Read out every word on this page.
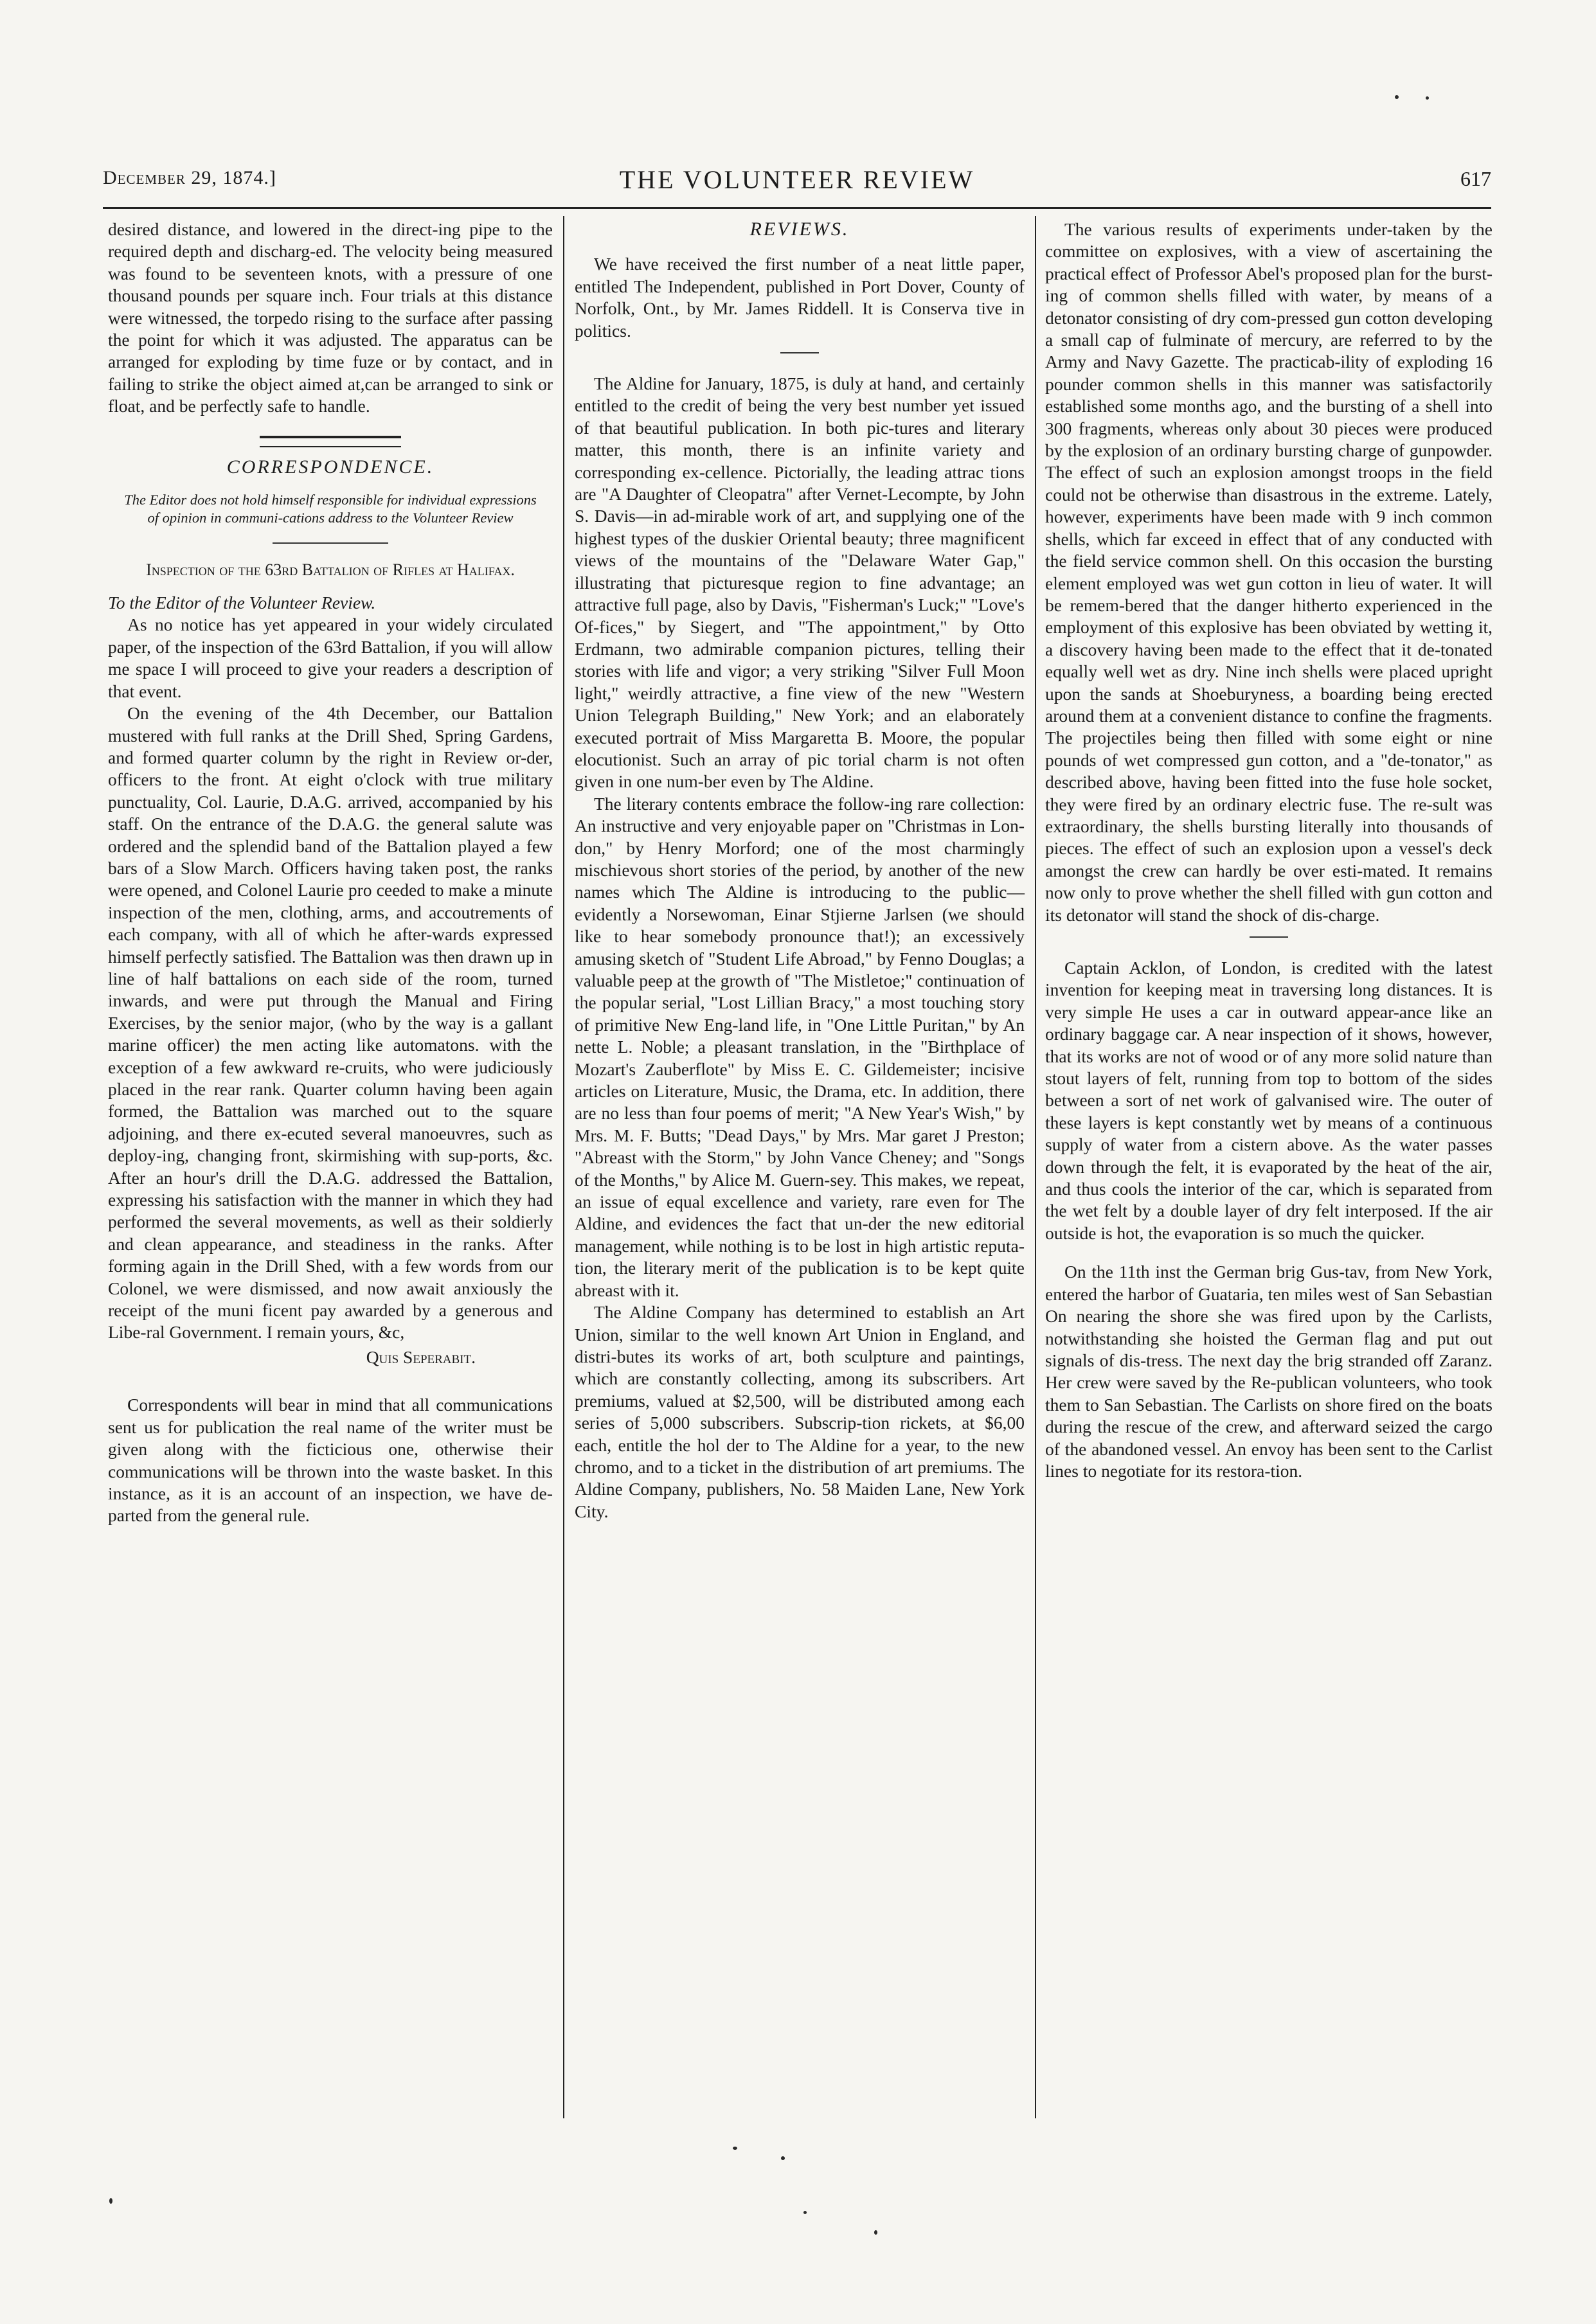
December 29, 1874.]	THE VOLUNTEER REVIEW	617

desired distance, and lowered in the direct-ing pipe to the required depth and discharg-ed. The velocity being measured was found to be seventeen knots, with a pressure of one thousand pounds per square inch. Four trials at this distance were witnessed, the torpedo rising to the surface after passing the point for which it was adjusted. The apparatus can be arranged for exploding by time fuze or by contact, and in failing to strike the object aimed at,can be arranged to sink or float, and be perfectly safe to handle.

CORRESPONDENCE.
The Editor does not hold himself responsible for individual expressions of opinion in communi-cations address to the Volunteer Review
Inspection of the 63rd Battalion of Rifles at Halifax.

To the Editor of the Volunteer Review.

As no notice has yet appeared in your widely circulated paper, of the inspection of the 63rd Battalion, if you will allow me space I will proceed to give your readers a description of that event.

On the evening of the 4th December, our Battalion mustered with full ranks at the Drill Shed, Spring Gardens, and formed quarter column by the right in Review or-der, officers to the front. At eight o'clock with true military punctuality, Col. Laurie, D.A.G. arrived, accompanied by his staff. On the entrance of the D.A.G. the general salute was ordered and the splendid band of the Battalion played a few bars of a Slow March. Officers having taken post, the ranks were opened, and Colonel Laurie pro ceeded to make a minute inspection of the men, clothing, arms, and accoutrements of each company, with all of which he after-wards expressed himself perfectly satisfied. The Battalion was then drawn up in line of half battalions on each side of the room, turned inwards, and were put through the Manual and Firing Exercises, by the senior major, (who by the way is a gallant marine officer) the men acting like automatons. with the exception of a few awkward re-cruits, who were judiciously placed in the rear rank. Quarter column having been again formed, the Battalion was marched out to the square adjoining, and there ex-ecuted several manoeuvres, such as deploy-ing, changing front, skirmishing with sup-ports, &c. After an hour's drill the D.A.G. addressed the Battalion, expressing his satisfaction with the manner in which they had performed the several movements, as well as their soldierly and clean appearance, and steadiness in the ranks. After forming again in the Drill Shed, with a few words from our Colonel, we were dismissed, and now await anxiously the receipt of the muni ficent pay awarded by a generous and Libe-ral Government. I remain yours, &c,

Quis Seperabit.

Correspondents will bear in mind that all communications sent us for publication the real name of the writer must be given along with the ficticious one, otherwise their communications will be thrown into the waste basket. In this instance, as it is an account of an inspection, we have de-parted from the general rule.

REVIEWS.

We have received the first number of a neat little paper, entitled The Independent, published in Port Dover, County of Norfolk, Ont., by Mr. James Riddell. It is Conserva tive in politics.

The Aldine for January, 1875, is duly at hand, and certainly entitled to the credit of being the very best number yet issued of that beautiful publication. In both pic-tures and literary matter, this month, there is an infinite variety and corresponding ex-cellence. Pictorially, the leading attrac tions are "A Daughter of Cleopatra" after Vernet-Lecompte, by John S. Davis—in ad-mirable work of art, and supplying one of the highest types of the duskier Oriental beauty; three magnificent views of the mountains of the "Delaware Water Gap," illustrating that picturesque region to fine advantage; an attractive full page, also by Davis, "Fisherman's Luck;" "Love's Of-fices," by Siegert, and "The appointment," by Otto Erdmann, two admirable companion pictures, telling their stories with life and vigor; a very striking "Silver Full Moon light," weirdly attractive, a fine view of the new "Western Union Telegraph Building," New York; and an elaborately executed portrait of Miss Margaretta B. Moore, the popular elocutionist. Such an array of pic torial charm is not often given in one num-ber even by The Aldine.

The literary contents embrace the follow-ing rare collection: An instructive and very enjoyable paper on "Christmas in Lon-don," by Henry Morford; one of the most charmingly mischievous short stories of the period, by another of the new names which The Aldine is introducing to the public—evidently a Norsewoman, Einar Stjierne Jarlsen (we should like to hear somebody pronounce that!); an excessively amusing sketch of "Student Life Abroad," by Fenno Douglas; a valuable peep at the growth of "The Mistletoe;" continuation of the popular serial, "Lost Lillian Bracy," a most touching story of primitive New Eng-land life, in "One Little Puritan," by An nette L. Noble; a pleasant translation, in the "Birthplace of Mozart's Zauberflote" by Miss E. C. Gildemeister; incisive articles on Literature, Music, the Drama, etc. In addition, there are no less than four poems of merit; "A New Year's Wish," by Mrs. M. F. Butts; "Dead Days," by Mrs. Mar garet J Preston; "Abreast with the Storm," by John Vance Cheney; and "Songs of the Months," by Alice M. Guern-sey. This makes, we repeat, an issue of equal excellence and variety, rare even for The Aldine, and evidences the fact that un-der the new editorial management, while nothing is to be lost in high artistic reputa-tion, the literary merit of the publication is to be kept quite abreast with it.

The Aldine Company has determined to establish an Art Union, similar to the well known Art Union in England, and distri-butes its works of art, both sculpture and paintings, which are constantly collecting, among its subscribers. Art premiums, valued at $2,500, will be distributed among each series of 5,000 subscribers. Subscrip-tion rickets, at $6,00 each, entitle the hol der to The Aldine for a year, to the new chromo, and to a ticket in the distribution of art premiums. The Aldine Company, publishers, No. 58 Maiden Lane, New York City.

The various results of experiments under-taken by the committee on explosives, with a view of ascertaining the practical effect of Professor Abel's proposed plan for the burst-ing of common shells filled with water, by means of a detonator consisting of dry com-pressed gun cotton developing a small cap of fulminate of mercury, are referred to by the Army and Navy Gazette. The practicab-ility of exploding 16 pounder common shells in this manner was satisfactorily established some months ago, and the bursting of a shell into 300 fragments, whereas only about 30 pieces were produced by the explosion of an ordinary bursting charge of gunpowder. The effect of such an explosion amongst troops in the field could not be otherwise than disastrous in the extreme. Lately, however, experiments have been made with 9 inch common shells, which far exceed in effect that of any conducted with the field service common shell. On this occasion the bursting element employed was wet gun cotton in lieu of water. It will be remem-bered that the danger hitherto experienced in the employment of this explosive has been obviated by wetting it, a discovery having been made to the effect that it de-tonated equally well wet as dry. Nine inch shells were placed upright upon the sands at Shoeburyness, a boarding being erected around them at a convenient distance to confine the fragments. The projectiles being then filled with some eight or nine pounds of wet compressed gun cotton, and a "de-tonator," as described above, having been fitted into the fuse hole socket, they were fired by an ordinary electric fuse. The re-sult was extraordinary, the shells bursting literally into thousands of pieces. The effect of such an explosion upon a vessel's deck amongst the crew can hardly be over esti-mated. It remains now only to prove whether the shell filled with gun cotton and its detonator will stand the shock of dis-charge.

Captain Acklon, of London, is credited with the latest invention for keeping meat in traversing long distances. It is very simple He uses a car in outward appear-ance like an ordinary baggage car. A near inspection of it shows, however, that its works are not of wood or of any more solid nature than stout layers of felt, running from top to bottom of the sides between a sort of net work of galvanised wire. The outer of these layers is kept constantly wet by means of a continuous supply of water from a cistern above. As the water passes down through the felt, it is evaporated by the heat of the air, and thus cools the interior of the car, which is separated from the wet felt by a double layer of dry felt interposed. If the air outside is hot, the evaporation is so much the quicker.

On the 11th inst the German brig Gus-tav, from New York, entered the harbor of Guataria, ten miles west of San Sebastian On nearing the shore she was fired upon by the Carlists, notwithstanding she hoisted the German flag and put out signals of dis-tress. The next day the brig stranded off Zaranz. Her crew were saved by the Re-publican volunteers, who took them to San Sebastian. The Carlists on shore fired on the boats during the rescue of the crew, and afterward seized the cargo of the abandoned vessel. An envoy has been sent to the Carlist lines to negotiate for its restora-tion.
